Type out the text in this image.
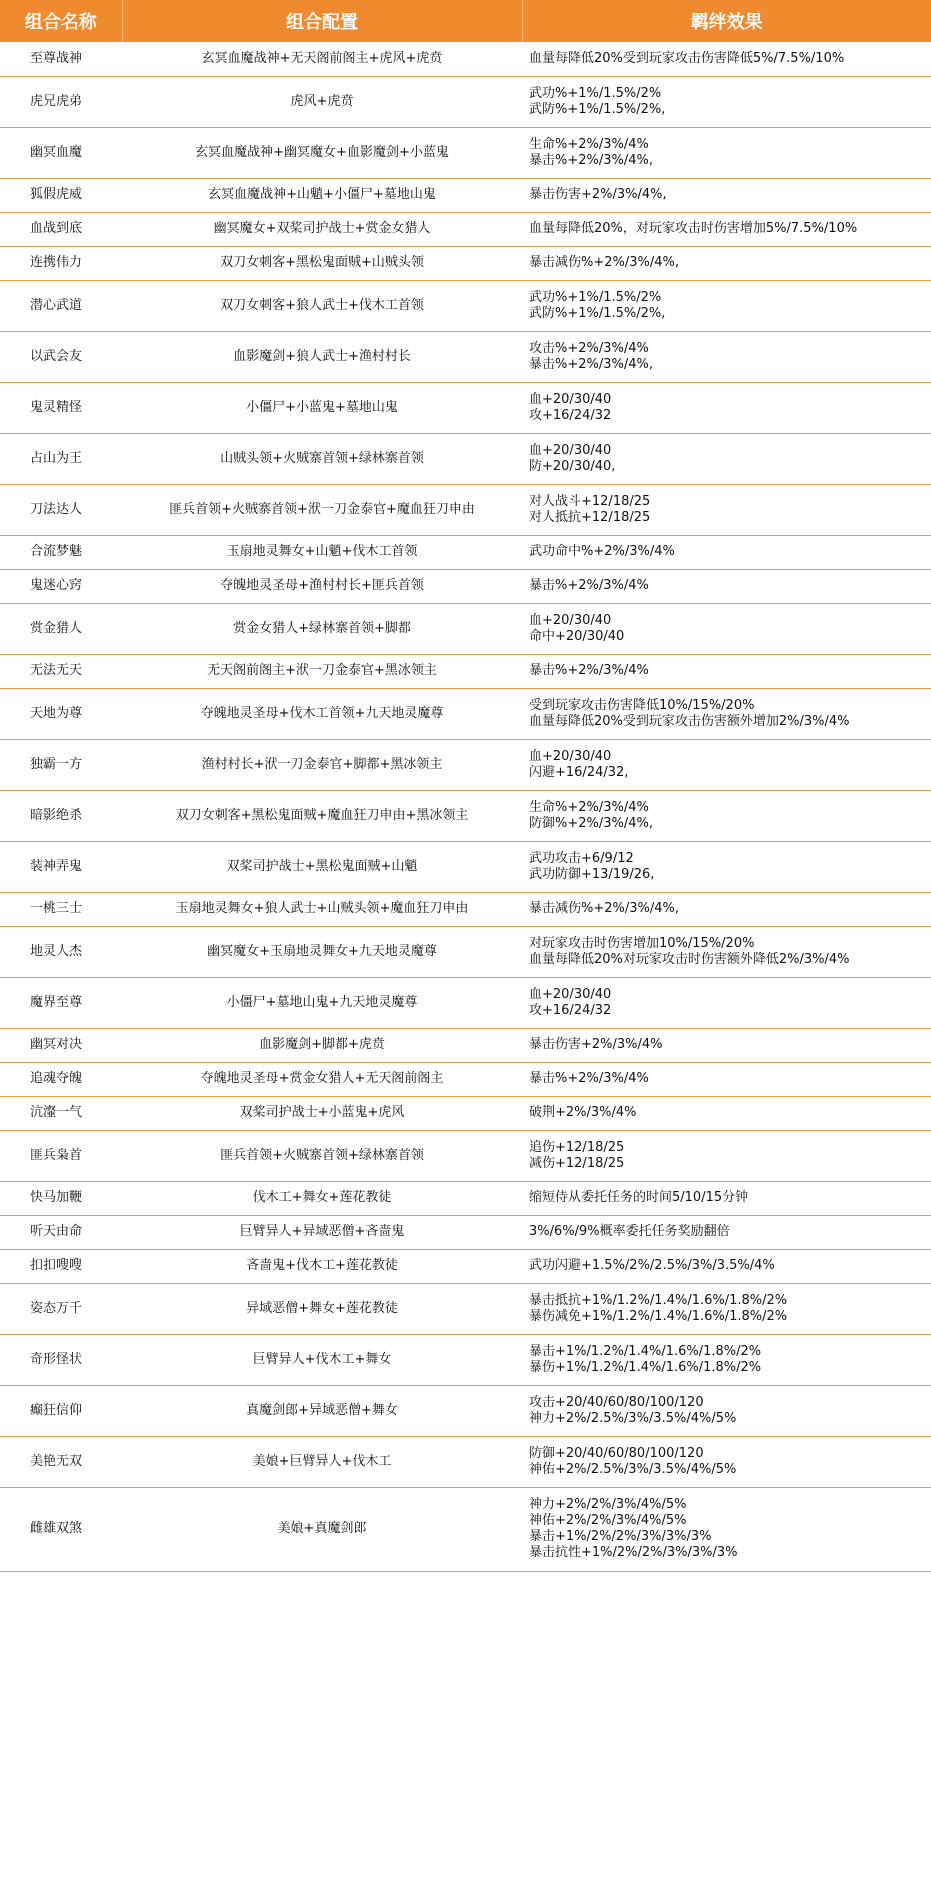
组合名称	组合配置	羁绊效果
至尊战神	玄冥血魔战神+无天阁前阁主+虎风+虎贲	血量每降低20%受到玩家攻击伤害降低5%/7.5%/10%

虎兄虎弟	虎风+虎贲	武功%+1%/1.5%/2%
武防%+1%/1.5%/2%,

幽冥血魔	玄冥血魔战神+幽冥魔女+血影魔剑+小蓝鬼	生命%+2%/3%/4%
暴击%+2%/3%/4%,

狐假虎威	玄冥血魔战神+山魈+小僵尸+墓地山鬼	暴击伤害+2%/3%/4%,

血战到底	幽冥魔女+双桨司护战士+赏金女猎人	血量每降低20%，对玩家攻击时伤害增加5%/7.5%/10%

连携伟力	双刀女刺客+黑松鬼面贼+山贼头领	暴击减伤%+2%/3%/4%,

潜心武道	双刀女刺客+狼人武士+伐木工首领	武功%+1%/1.5%/2%
武防%+1%/1.5%/2%,

以武会友	血影魔剑+狼人武士+渔村村长	攻击%+2%/3%/4%
暴击%+2%/3%/4%,

鬼灵精怪	小僵尸+小蓝鬼+墓地山鬼	血+20/30/40
攻+16/24/32

占山为王	山贼头领+火贼寨首领+绿林寨首领	血+20/30/40
防+20/30/40,

刀法达人	匪兵首领+火贼寨首领+洑一刀金泰官+魔血狂刀申由	对人战斗+12/18/25
对人抵抗+12/18/25

合流梦魅	玉扇地灵舞女+山魈+伐木工首领	武功命中%+2%/3%/4%

鬼迷心窍	夺魄地灵圣母+渔村村长+匪兵首领	暴击%+2%/3%/4%

赏金猎人	赏金女猎人+绿林寨首领+脚都	血+20/30/40
命中+20/30/40

无法无天	无天阁前阁主+洑一刀金泰官+黑冰领主	暴击%+2%/3%/4%

天地为尊	夺魄地灵圣母+伐木工首领+九天地灵魔尊	受到玩家攻击伤害降低10%/15%/20%
血量每降低20%受到玩家攻击伤害额外增加2%/3%/4%

独霸一方	渔村村长+洑一刀金泰官+脚都+黑冰领主	血+20/30/40
闪避+16/24/32,

暗影绝杀	双刀女刺客+黑松鬼面贼+魔血狂刀申由+黑冰领主	生命%+2%/3%/4%
防御%+2%/3%/4%,

装神弄鬼	双桨司护战士+黑松鬼面贼+山魈	武功攻击+6/9/12
武功防御+13/19/26,

一桃三士	玉扇地灵舞女+狼人武士+山贼头领+魔血狂刀申由	暴击减伤%+2%/3%/4%,

地灵人杰	幽冥魔女+玉扇地灵舞女+九天地灵魔尊	对玩家攻击时伤害增加10%/15%/20%
血量每降低20%对玩家攻击时伤害额外降低2%/3%/4%

魔界至尊	小僵尸+墓地山鬼+九天地灵魔尊	血+20/30/40
攻+16/24/32

幽冥对决	血影魔剑+脚都+虎贲	暴击伤害+2%/3%/4%

追魂夺魄	夺魄地灵圣母+赏金女猎人+无天阁前阁主	暴击%+2%/3%/4%

沆瀣一气	双桨司护战士+小蓝鬼+虎风	破荆+2%/3%/4%

匪兵枭首	匪兵首领+火贼寨首领+绿林寨首领	追伤+12/18/25
减伤+12/18/25

快马加鞭	伐木工+舞女+莲花教徒	缩短侍从委托任务的时间5/10/15分钟

听天由命	巨臂异人+异域恶僧+吝啬鬼	3%/6%/9%概率委托任务奖励翻倍

扣扣嗖嗖	吝啬鬼+伐木工+莲花教徒	武功闪避+1.5%/2%/2.5%/3%/3.5%/4%

姿态万千	异域恶僧+舞女+莲花教徒	暴击抵抗+1%/1.2%/1.4%/1.6%/1.8%/2%
暴伤减免+1%/1.2%/1.4%/1.6%/1.8%/2%

奇形怪状	巨臂异人+伐木工+舞女	暴击+1%/1.2%/1.4%/1.6%/1.8%/2%
暴伤+1%/1.2%/1.4%/1.6%/1.8%/2%

癫狂信仰	真魔剑郎+异域恶僧+舞女	攻击+20/40/60/80/100/120
神力+2%/2.5%/3%/3.5%/4%/5%

美艳无双	美娘+巨臂异人+伐木工	防御+20/40/60/80/100/120
神佑+2%/2.5%/3%/3.5%/4%/5%

雌雄双煞	美娘+真魔剑郎	神力+2%/2%/3%/4%/5%
神佑+2%/2%/3%/4%/5%
暴击+1%/2%/2%/3%/3%/3%
暴击抗性+1%/2%/2%/3%/3%/3%
